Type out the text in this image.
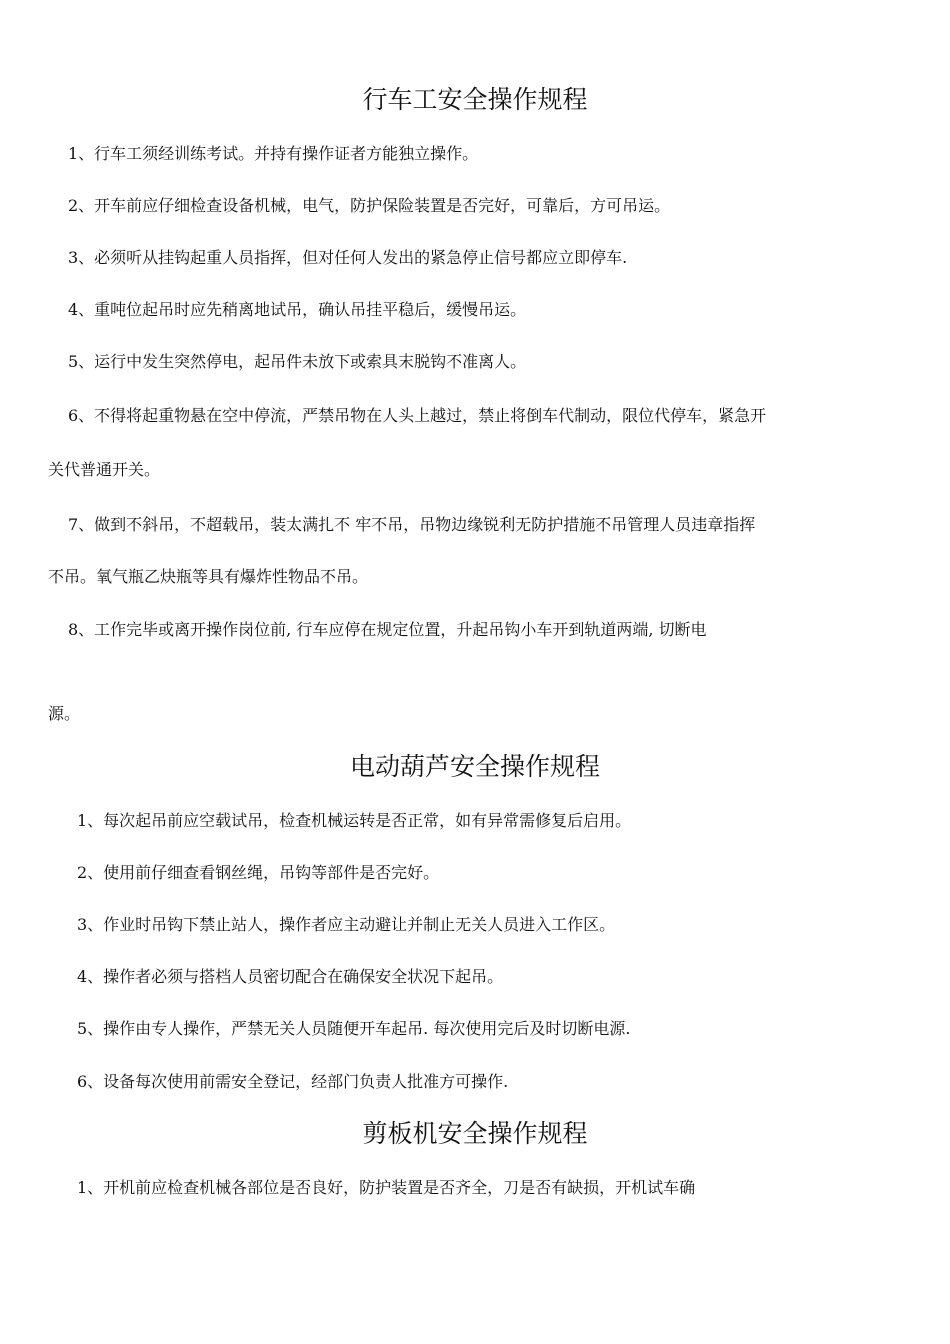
行车工安全操作规程

1、行车工须经训练考试。并持有操作证者方能独立操作。

2、开车前应仔细检查设备机械，电气，防护保险装置是否完好，可靠后，方可吊运。

3、必须听从挂钩起重人员指挥，但对任何人发出的紧急停止信号都应立即停车.

4、重吨位起吊时应先稍离地试吊，确认吊挂平稳后，缓慢吊运。

5、运行中发生突然停电，起吊件未放下或索具末脱钩不准离人。

6、不得将起重物悬在空中停流，严禁吊物在人头上越过，禁止将倒车代制动，限位代停车，紧急开

关代普通开关。

7、做到不斜吊，不超载吊，装太满扎不 牢不吊，吊物边缘锐利无防护措施不吊管理人员违章指挥

不吊。氧气瓶乙炔瓶等具有爆炸性物品不吊。

8、工作完毕或离开操作岗位前, 行车应停在规定位置，升起吊钩小车开到轨道两端, 切断电

源。

电动葫芦安全操作规程

1、每次起吊前应空载试吊，检查机械运转是否正常，如有异常需修复后启用。

2、使用前仔细查看钢丝绳，吊钩等部件是否完好。

3、作业时吊钩下禁止站人，操作者应主动避让并制止无关人员进入工作区。

4、操作者必须与搭档人员密切配合在确保安全状况下起吊。

5、操作由专人操作，严禁无关人员随便开车起吊. 每次使用完后及时切断电源.

6、设备每次使用前需安全登记，经部门负责人批准方可操作.

剪板机安全操作规程

1、开机前应检查机械各部位是否良好，防护装置是否齐全，刀是否有缺损，开机试车确
